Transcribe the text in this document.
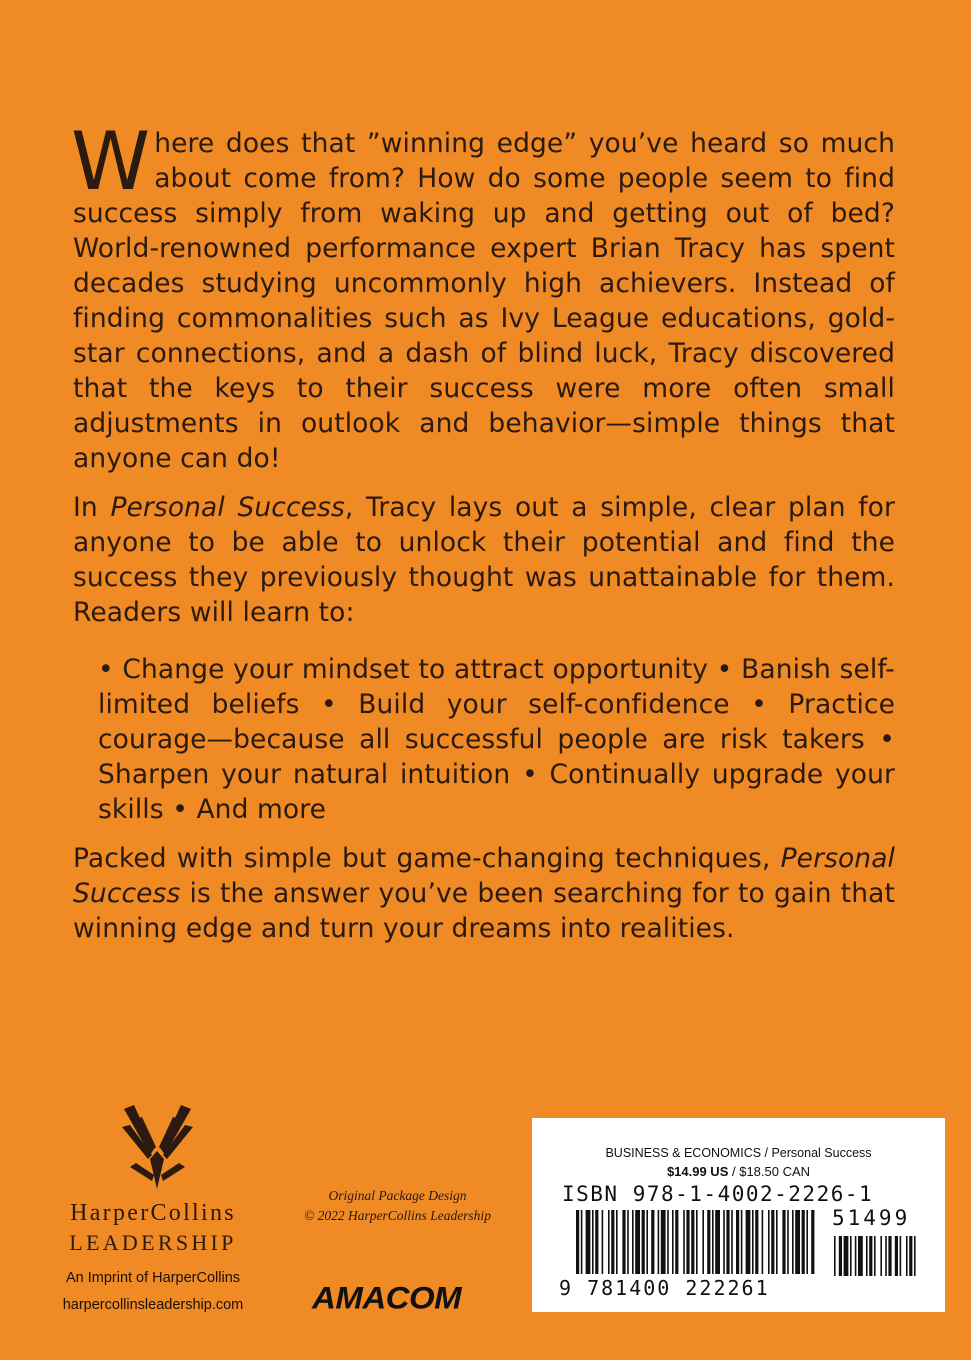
Where does that ”winning edge” you’ve heard so much about come from? How do some people seem to find success simply from waking up and getting out of bed? World-renowned performance expert Brian Tracy has spent decades studying uncommonly high achievers. Instead of finding commonalities such as Ivy League educations, gold-star connections, and a dash of blind luck, Tracy discovered that the keys to their success were more often small adjustments in outlook and behavior—simple things that anyone can do!

In Personal Success, Tracy lays out a simple, clear plan for anyone to be able to unlock their potential and find the success they previously thought was unattainable for them. Readers will learn to:

• Change your mindset to attract opportunity • Banish self-limited beliefs • Build your self-confidence • Practice courage—because all successful people are risk takers • Sharpen your natural intuition • Continually upgrade your skills • And more

Packed with simple but game-changing techniques, Personal Success is the answer you’ve been searching for to gain that winning edge and turn your dreams into realities.

HarperCollins
LEADERSHIP
An Imprint of HarperCollins
harpercollinsleadership.com
Original Package Design
© 2022 HarperCollins Leadership
AMACOM
BUSINESS & ECONOMICS / Personal Success
$14.99 US / $18.50 CAN
ISBN 978-1-4002-2226-1
51499
9 781400 222261
